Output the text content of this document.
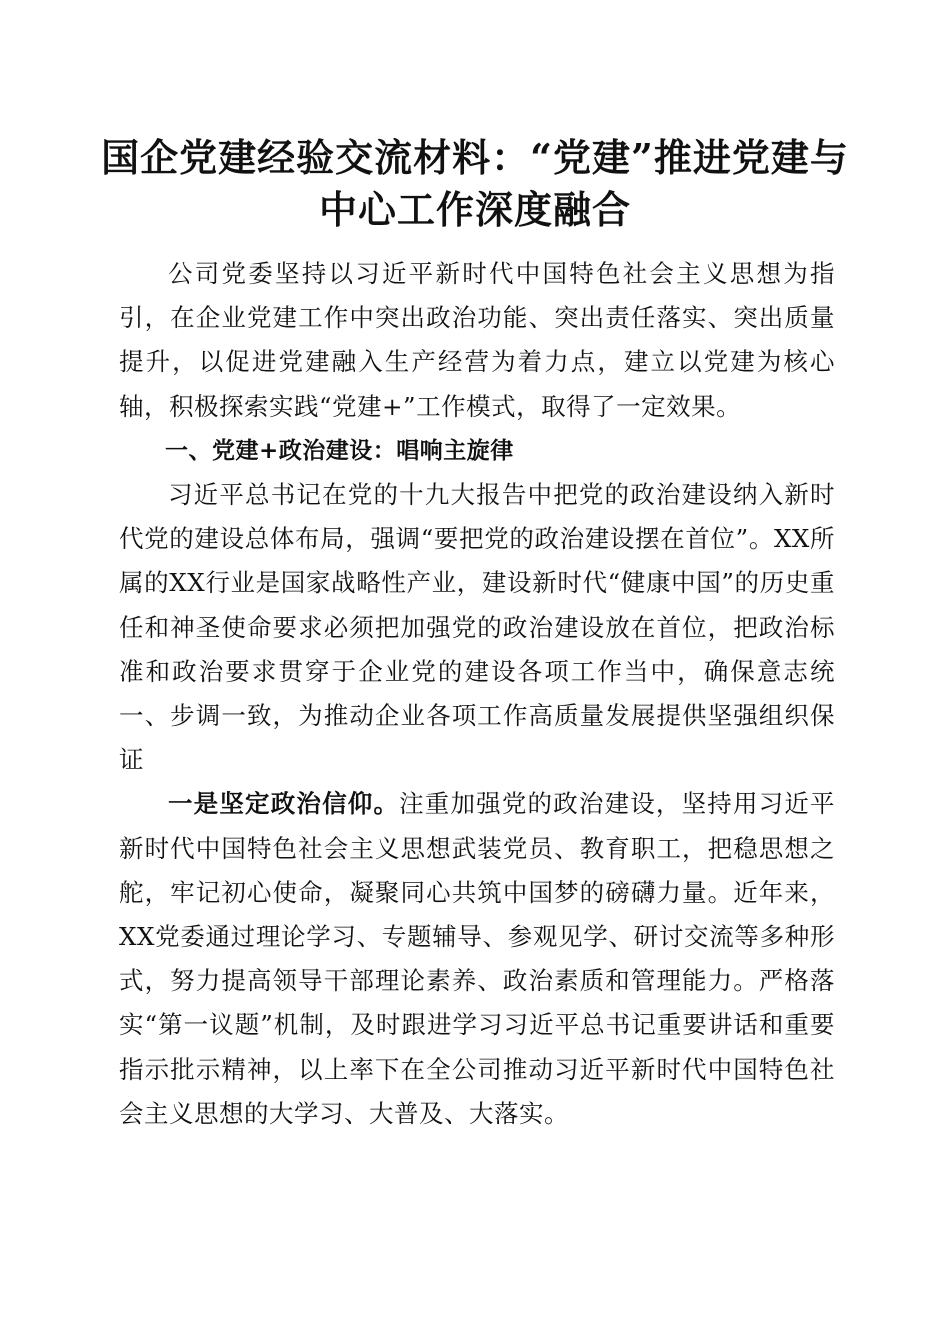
国企党建经验交流材料：“党建”推进党建与
中心工作深度融合

公司党委坚持以习近平新时代中国特色社会主义思想为指引，在企业党建工作中突出政治功能、突出责任落实、突出质量提升，以促进党建融入生产经营为着力点，建立以党建为核心轴，积极探索实践“党建+”工作模式，取得了一定效果。

一、党建+政治建设：唱响主旋律

习近平总书记在党的十九大报告中把党的政治建设纳入新时代党的建设总体布局，强调“要把党的政治建设摆在首位”。XX所属的XX行业是国家战略性产业，建设新时代“健康中国”的历史重任和神圣使命要求必须把加强党的政治建设放在首位，把政治标准和政治要求贯穿于企业党的建设各项工作当中，确保意志统一、步调一致，为推动企业各项工作高质量发展提供坚强组织保证

一是坚定政治信仰。注重加强党的政治建设，坚持用习近平新时代中国特色社会主义思想武装党员、教育职工，把稳思想之舵，牢记初心使命，凝聚同心共筑中国梦的磅礴力量。近年来，XX党委通过理论学习、专题辅导、参观见学、研讨交流等多种形式，努力提高领导干部理论素养、政治素质和管理能力。严格落实“第一议题”机制，及时跟进学习习近平总书记重要讲话和重要指示批示精神，以上率下在全公司推动习近平新时代中国特色社会主义思想的大学习、大普及、大落实。
